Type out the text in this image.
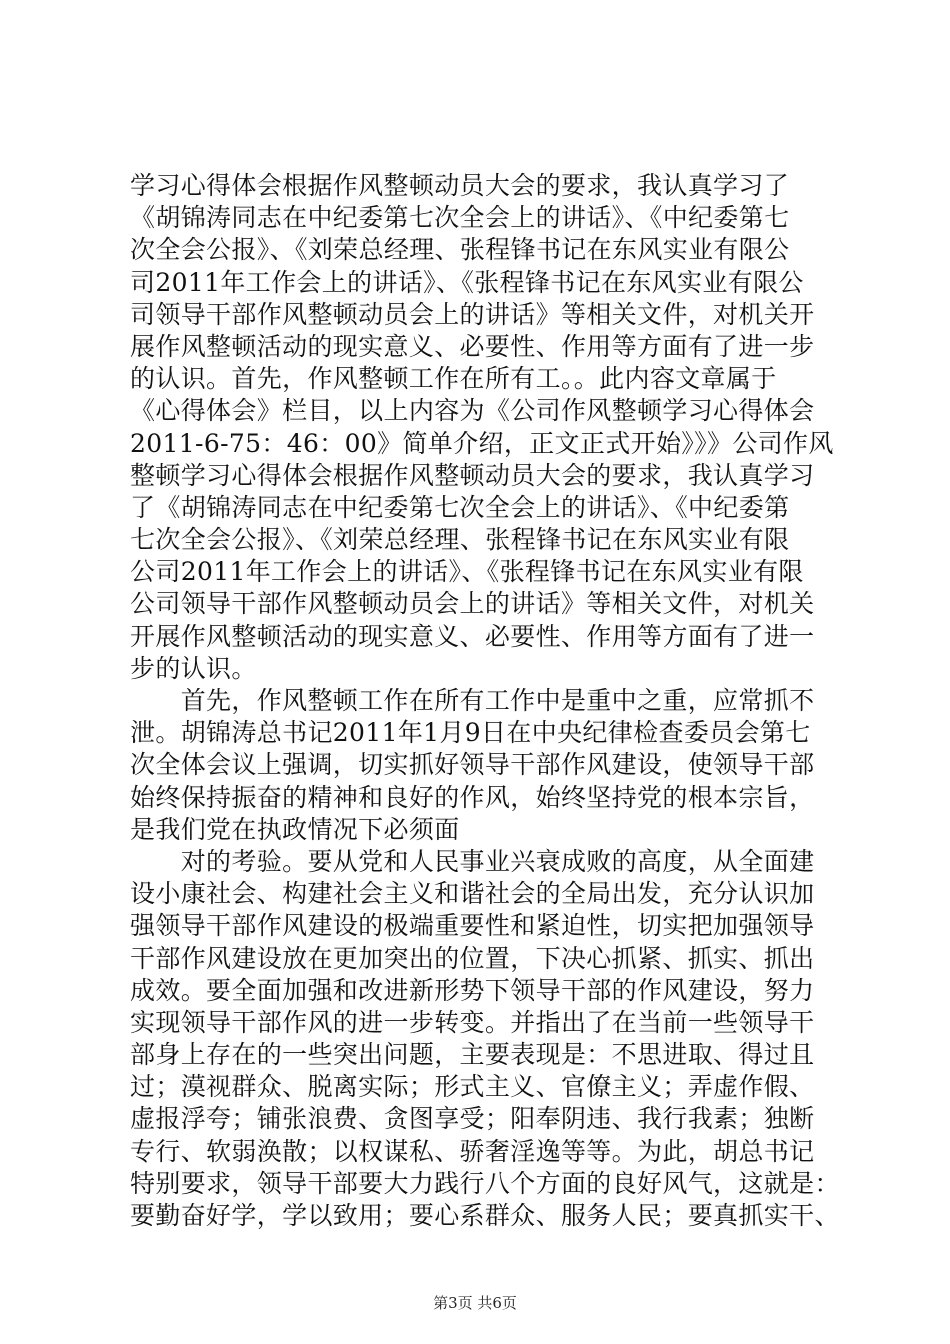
学习心得体会根据作风整顿动员大会的要求，我认真学习了
《胡锦涛同志在中纪委第七次全会上的讲话》、《中纪委第七
次全会公报》、《刘荣总经理、张程锋书记在东风实业有限公
司2011年工作会上的讲话》、《张程锋书记在东风实业有限公
司领导干部作风整顿动员会上的讲话》等相关文件，对机关开
展作风整顿活动的现实意义、必要性、作用等方面有了进一步
的认识。首先，作风整顿工作在所有工。。此内容文章属于
《心得体会》栏目，以上内容为《公司作风整顿学习心得体会
2011-6-75：46：00》简单介绍，正文正式开始》》》公司作风
整顿学习心得体会根据作风整顿动员大会的要求，我认真学习
了《胡锦涛同志在中纪委第七次全会上的讲话》、《中纪委第
七次全会公报》、《刘荣总经理、张程锋书记在东风实业有限
公司2011年工作会上的讲话》、《张程锋书记在东风实业有限
公司领导干部作风整顿动员会上的讲话》等相关文件，对机关
开展作风整顿活动的现实意义、必要性、作用等方面有了进一
步的认识。
　　首先，作风整顿工作在所有工作中是重中之重，应常抓不
泄。胡锦涛总书记2011年1月9日在中央纪律检查委员会第七
次全体会议上强调，切实抓好领导干部作风建设，使领导干部
始终保持振奋的精神和良好的作风，始终坚持党的根本宗旨，
是我们党在执政情况下必须面
　　对的考验。要从党和人民事业兴衰成败的高度，从全面建
设小康社会、构建社会主义和谐社会的全局出发，充分认识加
强领导干部作风建设的极端重要性和紧迫性，切实把加强领导
干部作风建设放在更加突出的位置，下决心抓紧、抓实、抓出
成效。要全面加强和改进新形势下领导干部的作风建设，努力
实现领导干部作风的进一步转变。并指出了在当前一些领导干
部身上存在的一些突出问题，主要表现是：不思进取、得过且
过；漠视群众、脱离实际；形式主义、官僚主义；弄虚作假、
虚报浮夸；铺张浪费、贪图享受；阳奉阴违、我行我素；独断
专行、软弱涣散；以权谋私、骄奢淫逸等等。为此，胡总书记
特别要求，领导干部要大力践行八个方面的良好风气，这就是：
要勤奋好学，学以致用；要心系群众、服务人民；要真抓实干、
第3页 共6页
